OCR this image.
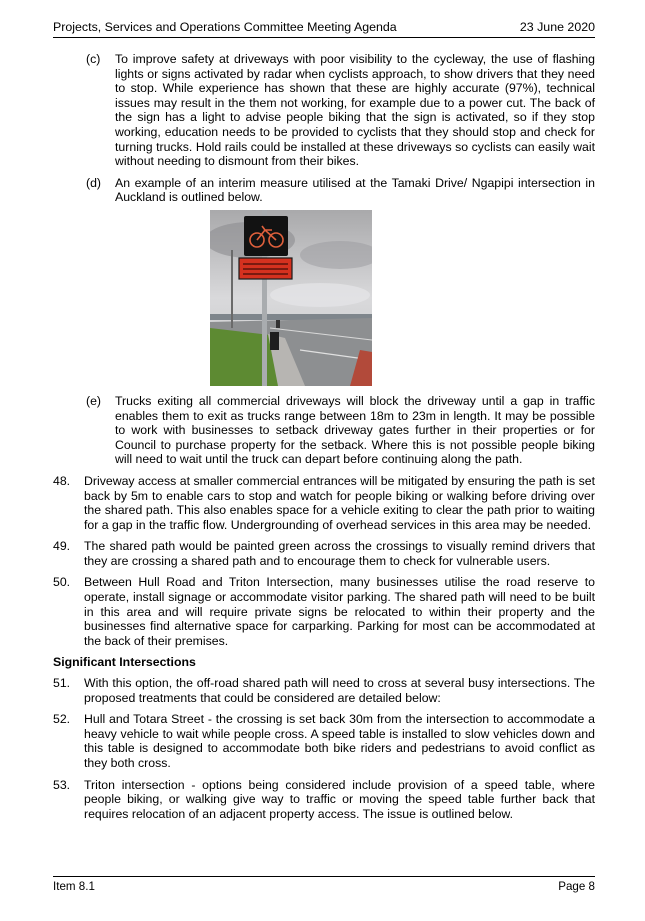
Projects, Services and Operations Committee Meeting Agenda	23 June 2020
(c) To improve safety at driveways with poor visibility to the cycleway, the use of flashing lights or signs activated by radar when cyclists approach, to show drivers that they need to stop. While experience has shown that these are highly accurate (97%), technical issues may result in the them not working, for example due to a power cut. The back of the sign has a light to advise people biking that the sign is activated, so if they stop working, education needs to be provided to cyclists that they should stop and check for turning trucks. Hold rails could be installed at these driveways so cyclists can easily wait without needing to dismount from their bikes.
(d) An example of an interim measure utilised at the Tamaki Drive/ Ngapipi intersection in Auckland is outlined below.
(e) Trucks exiting all commercial driveways will block the driveway until a gap in traffic enables them to exit as trucks range between 18m to 23m in length. It may be possible to work with businesses to setback driveway gates further in their properties or for Council to purchase property for the setback. Where this is not possible people biking will need to wait until the truck can depart before continuing along the path.
48. Driveway access at smaller commercial entrances will be mitigated by ensuring the path is set back by 5m to enable cars to stop and watch for people biking or walking before driving over the shared path. This also enables space for a vehicle exiting to clear the path prior to waiting for a gap in the traffic flow. Undergrounding of overhead services in this area may be needed.
49. The shared path would be painted green across the crossings to visually remind drivers that they are crossing a shared path and to encourage them to check for vulnerable users.
50. Between Hull Road and Triton Intersection, many businesses utilise the road reserve to operate, install signage or accommodate visitor parking. The shared path will need to be built in this area and will require private signs be relocated to within their property and the businesses find alternative space for carparking. Parking for most can be accommodated at the back of their premises.
Significant Intersections
51. With this option, the off-road shared path will need to cross at several busy intersections. The proposed treatments that could be considered are detailed below:
52. Hull and Totara Street - the crossing is set back 30m from the intersection to accommodate a heavy vehicle to wait while people cross. A speed table is installed to slow vehicles down and this table is designed to accommodate both bike riders and pedestrians to avoid conflict as they both cross.
53. Triton intersection - options being considered include provision of a speed table, where people biking, or walking give way to traffic or moving the speed table further back that requires relocation of an adjacent property access. The issue is outlined below.
Item 8.1	Page 8
